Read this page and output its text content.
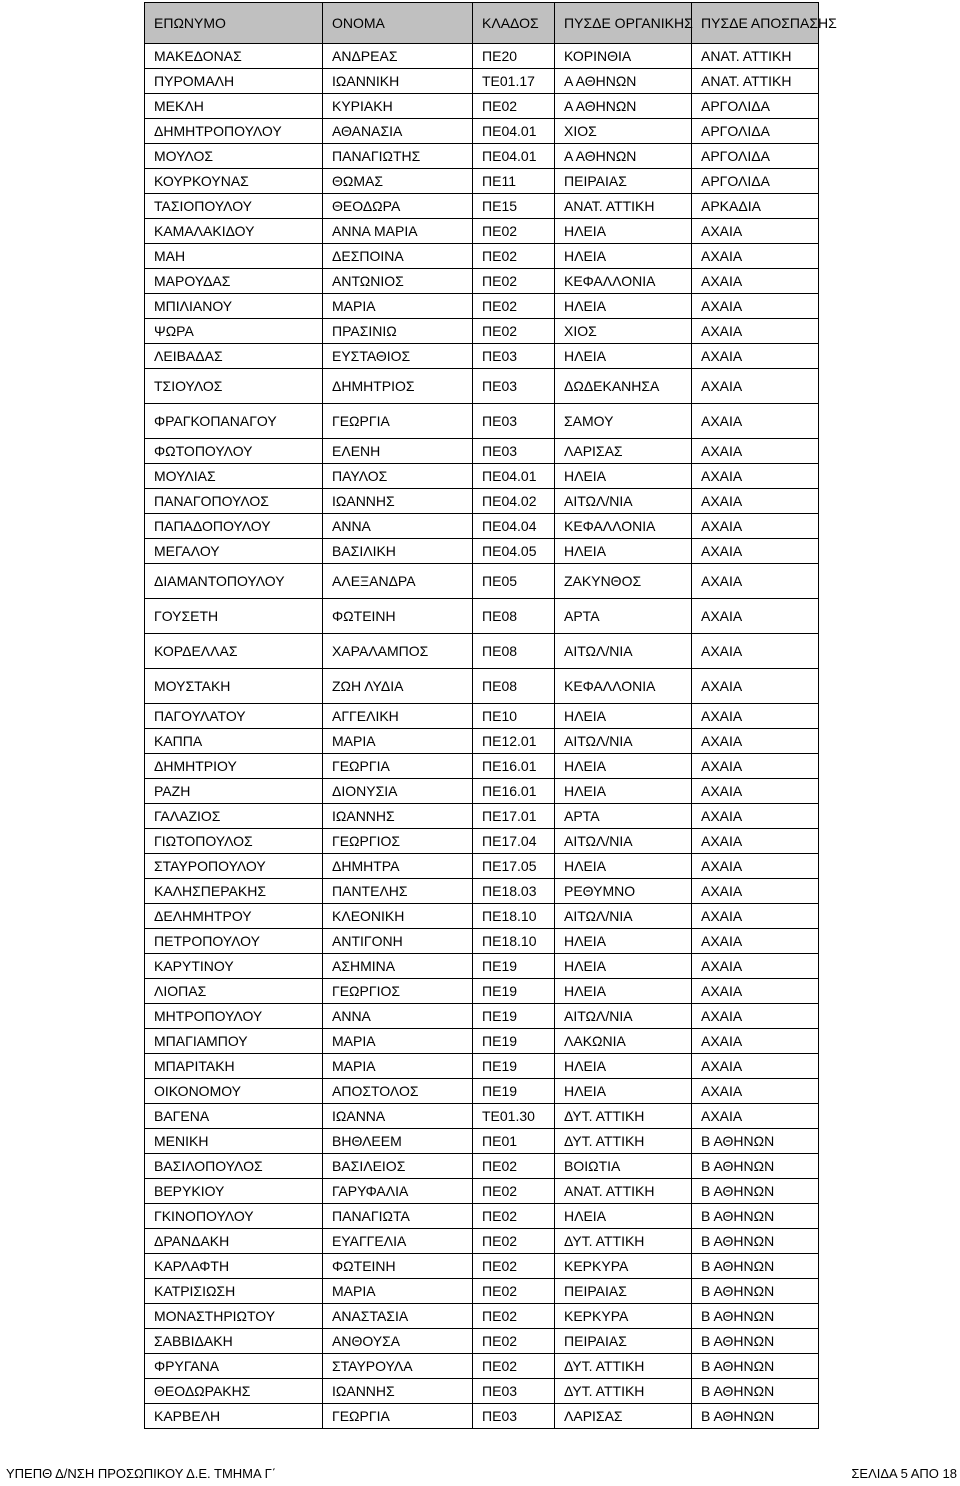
ΕΠΩΝΥΜΟ	ΟΝΟΜΑ	ΚΛΑΔΟΣ	ΠΥΣΔΕ ΟΡΓΑΝΙΚΗΣ	ΠΥΣΔΕ ΑΠΟΣΠΑΣΗΣ
ΜΑΚΕΔΟΝΑΣ	ΑΝΔΡΕΑΣ	ΠΕ20	ΚΟΡΙΝΘΙΑ	ΑΝΑΤ. ΑΤΤΙΚΗ
ΠΥΡΟΜΑΛΗ	ΙΩΑΝΝΙΚΗ	ΤΕ01.17	Α ΑΘΗΝΩΝ	ΑΝΑΤ. ΑΤΤΙΚΗ
ΜΕΚΛΗ	ΚΥΡΙΑΚΗ	ΠΕ02	Α ΑΘΗΝΩΝ	ΑΡΓΟΛΙΔΑ
ΔΗΜΗΤΡΟΠΟΥΛΟΥ	ΑΘΑΝΑΣΙΑ	ΠΕ04.01	ΧΙΟΣ	ΑΡΓΟΛΙΔΑ
ΜΟΥΛΟΣ	ΠΑΝΑΓΙΩΤΗΣ	ΠΕ04.01	Α ΑΘΗΝΩΝ	ΑΡΓΟΛΙΔΑ
ΚΟΥΡΚΟΥΝΑΣ	ΘΩΜΑΣ	ΠΕ11	ΠΕΙΡΑΙΑΣ	ΑΡΓΟΛΙΔΑ
ΤΑΣΙΟΠΟΥΛΟΥ	ΘΕΟΔΩΡΑ	ΠΕ15	ΑΝΑΤ. ΑΤΤΙΚΗ	ΑΡΚΑΔΙΑ
ΚΑΜΑΛΑΚΙΔΟΥ	ΑΝΝΑ ΜΑΡΙΑ	ΠΕ02	ΗΛΕΙΑ	ΑΧΑΙΑ
ΜΑΗ	ΔΕΣΠΟΙΝΑ	ΠΕ02	ΗΛΕΙΑ	ΑΧΑΙΑ
ΜΑΡΟΥΔΑΣ	ΑΝΤΩΝΙΟΣ	ΠΕ02	ΚΕΦΑΛΛΟΝΙΑ	ΑΧΑΙΑ
ΜΠΙΛΙΑΝΟΥ	ΜΑΡΙΑ	ΠΕ02	ΗΛΕΙΑ	ΑΧΑΙΑ
ΨΩΡΑ	ΠΡΑΣΙΝΙΩ	ΠΕ02	ΧΙΟΣ	ΑΧΑΙΑ
ΛΕΙΒΑΔΑΣ	ΕΥΣΤΑΘΙΟΣ	ΠΕ03	ΗΛΕΙΑ	ΑΧΑΙΑ
ΤΣΙΟΥΛΟΣ	ΔΗΜΗΤΡΙΟΣ	ΠΕ03	ΔΩΔΕΚΑΝΗΣΑ	ΑΧΑΙΑ
ΦΡΑΓΚΟΠΑΝΑΓΟΥ	ΓΕΩΡΓΙΑ	ΠΕ03	ΣΑΜΟΥ	ΑΧΑΙΑ
ΦΩΤΟΠΟΥΛΟΥ	ΕΛΕΝΗ	ΠΕ03	ΛΑΡΙΣΑΣ	ΑΧΑΙΑ
ΜΟΥΛΙΑΣ	ΠΑΥΛΟΣ	ΠΕ04.01	ΗΛΕΙΑ	ΑΧΑΙΑ
ΠΑΝΑΓΟΠΟΥΛΟΣ	ΙΩΑΝΝΗΣ	ΠΕ04.02	ΑΙΤΩΛ/ΝΙΑ	ΑΧΑΙΑ
ΠΑΠΑΔΟΠΟΥΛΟΥ	ΑΝΝΑ	ΠΕ04.04	ΚΕΦΑΛΛΟΝΙΑ	ΑΧΑΙΑ
ΜΕΓΑΛΟΥ	ΒΑΣΙΛΙΚΗ	ΠΕ04.05	ΗΛΕΙΑ	ΑΧΑΙΑ
ΔΙΑΜΑΝΤΟΠΟΥΛΟΥ	ΑΛΕΞΑΝΔΡΑ	ΠΕ05	ΖΑΚΥΝΘΟΣ	ΑΧΑΙΑ
ΓΟΥΣΕΤΗ	ΦΩΤΕΙΝΗ	ΠΕ08	ΑΡΤΑ	ΑΧΑΙΑ
ΚΟΡΔΕΛΛΑΣ	ΧΑΡΑΛΑΜΠΟΣ	ΠΕ08	ΑΙΤΩΛ/ΝΙΑ	ΑΧΑΙΑ
ΜΟΥΣΤΑΚΗ	ΖΩΗ ΛΥΔΙΑ	ΠΕ08	ΚΕΦΑΛΛΟΝΙΑ	ΑΧΑΙΑ
ΠΑΓΟΥΛΑΤΟΥ	ΑΓΓΕΛΙΚΗ	ΠΕ10	ΗΛΕΙΑ	ΑΧΑΙΑ
ΚΑΠΠΑ	ΜΑΡΙΑ	ΠΕ12.01	ΑΙΤΩΛ/ΝΙΑ	ΑΧΑΙΑ
ΔΗΜΗΤΡΙΟΥ	ΓΕΩΡΓΙΑ	ΠΕ16.01	ΗΛΕΙΑ	ΑΧΑΙΑ
ΡΑΖΗ	ΔΙΟΝΥΣΙΑ	ΠΕ16.01	ΗΛΕΙΑ	ΑΧΑΙΑ
ΓΑΛΑΖΙΟΣ	ΙΩΑΝΝΗΣ	ΠΕ17.01	ΑΡΤΑ	ΑΧΑΙΑ
ΓΙΩΤΟΠΟΥΛΟΣ	ΓΕΩΡΓΙΟΣ	ΠΕ17.04	ΑΙΤΩΛ/ΝΙΑ	ΑΧΑΙΑ
ΣΤΑΥΡΟΠΟΥΛΟΥ	ΔΗΜΗΤΡΑ	ΠΕ17.05	ΗΛΕΙΑ	ΑΧΑΙΑ
ΚΑΛΗΣΠΕΡΑΚΗΣ	ΠΑΝΤΕΛΗΣ	ΠΕ18.03	ΡΕΘΥΜΝΟ	ΑΧΑΙΑ
ΔΕΛΗΜΗΤΡΟΥ	ΚΛΕΟΝΙΚΗ	ΠΕ18.10	ΑΙΤΩΛ/ΝΙΑ	ΑΧΑΙΑ
ΠΕΤΡΟΠΟΥΛΟΥ	ΑΝΤΙΓΟΝΗ	ΠΕ18.10	ΗΛΕΙΑ	ΑΧΑΙΑ
ΚΑΡΥΤΙΝΟΥ	ΑΣΗΜΙΝΑ	ΠΕ19	ΗΛΕΙΑ	ΑΧΑΙΑ
ΛΙΟΠΑΣ	ΓΕΩΡΓΙΟΣ	ΠΕ19	ΗΛΕΙΑ	ΑΧΑΙΑ
ΜΗΤΡΟΠΟΥΛΟΥ	ΑΝΝΑ	ΠΕ19	ΑΙΤΩΛ/ΝΙΑ	ΑΧΑΙΑ
ΜΠΑΓΙΑΜΠΟΥ	ΜΑΡΙΑ	ΠΕ19	ΛΑΚΩΝΙΑ	ΑΧΑΙΑ
ΜΠΑΡΙΤΑΚΗ	ΜΑΡΙΑ	ΠΕ19	ΗΛΕΙΑ	ΑΧΑΙΑ
ΟΙΚΟΝΟΜΟΥ	ΑΠΟΣΤΟΛΟΣ	ΠΕ19	ΗΛΕΙΑ	ΑΧΑΙΑ
ΒΑΓΕΝΑ	ΙΩΑΝΝΑ	ΤΕ01.30	ΔΥΤ. ΑΤΤΙΚΗ	ΑΧΑΙΑ
ΜΕΝΙΚΗ	ΒΗΘΛΕΕΜ	ΠΕ01	ΔΥΤ. ΑΤΤΙΚΗ	Β ΑΘΗΝΩΝ
ΒΑΣΙΛΟΠΟΥΛΟΣ	ΒΑΣΙΛΕΙΟΣ	ΠΕ02	ΒΟΙΩΤΙΑ	Β ΑΘΗΝΩΝ
ΒΕΡΥΚΙΟΥ	ΓΑΡΥΦΑΛΙΑ	ΠΕ02	ΑΝΑΤ. ΑΤΤΙΚΗ	Β ΑΘΗΝΩΝ
ΓΚΙΝΟΠΟΥΛΟΥ	ΠΑΝΑΓΙΩΤΑ	ΠΕ02	ΗΛΕΙΑ	Β ΑΘΗΝΩΝ
ΔΡΑΝΔΑΚΗ	ΕΥΑΓΓΕΛΙΑ	ΠΕ02	ΔΥΤ. ΑΤΤΙΚΗ	Β ΑΘΗΝΩΝ
ΚΑΡΛΑΦΤΗ	ΦΩΤΕΙΝΗ	ΠΕ02	ΚΕΡΚΥΡΑ	Β ΑΘΗΝΩΝ
ΚΑΤΡΙΣΙΩΣΗ	ΜΑΡΙΑ	ΠΕ02	ΠΕΙΡΑΙΑΣ	Β ΑΘΗΝΩΝ
ΜΟΝΑΣΤΗΡΙΩΤΟΥ	ΑΝΑΣΤΑΣΙΑ	ΠΕ02	ΚΕΡΚΥΡΑ	Β ΑΘΗΝΩΝ
ΣΑΒΒΙΔΑΚΗ	ΑΝΘΟΥΣΑ	ΠΕ02	ΠΕΙΡΑΙΑΣ	Β ΑΘΗΝΩΝ
ΦΡΥΓΑΝΑ	ΣΤΑΥΡΟΥΛΑ	ΠΕ02	ΔΥΤ. ΑΤΤΙΚΗ	Β ΑΘΗΝΩΝ
ΘΕΟΔΩΡΑΚΗΣ	ΙΩΑΝΝΗΣ	ΠΕ03	ΔΥΤ. ΑΤΤΙΚΗ	Β ΑΘΗΝΩΝ
ΚΑΡΒΕΛΗ	ΓΕΩΡΓΙΑ	ΠΕ03	ΛΑΡΙΣΑΣ	Β ΑΘΗΝΩΝ
ΥΠΕΠΘ Δ/ΝΣΗ ΠΡΟΣΩΠΙΚΟΥ Δ.Ε. ΤΜΗΜΑ Γ΄	ΣΕΛΙΔΑ 5 ΑΠΟ 18
